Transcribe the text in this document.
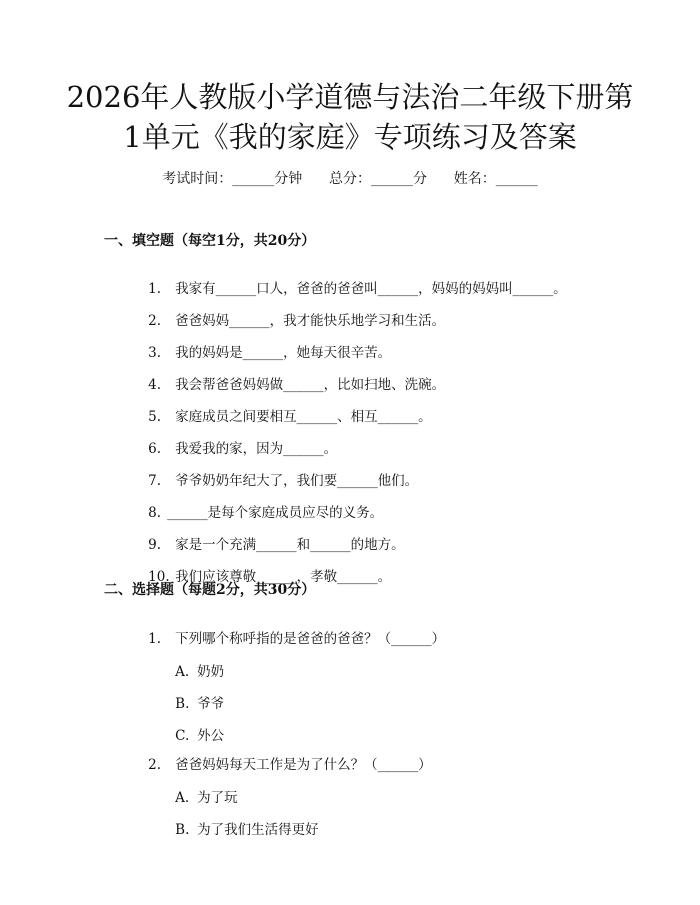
2026年人教版小学道德与法治二年级下册第
1单元《我的家庭》专项练习及答案
考试时间：______分钟      总分：______分      姓名：______
一、填空题（每空1分，共20分）

1. 我家有______口人，爸爸的爸爸叫______，妈妈的妈妈叫______。

2. 爸爸妈妈______，我才能快乐地学习和生活。

3. 我的妈妈是______，她每天很辛苦。

4. 我会帮爸爸妈妈做______，比如扫地、洗碗。

5. 家庭成员之间要相互______、相互______。

6. 我爱我的家，因为______。

7. 爷爷奶奶年纪大了，我们要______他们。

8. ______是每个家庭成员应尽的义务。

9. 家是一个充满______和______的地方。

10. 我们应该尊敬______，孝敬______。

二、选择题（每题2分，共30分）

1. 下列哪个称呼指的是爸爸的爸爸？（______）

A. 奶奶

B. 爷爷

C. 外公

2. 爸爸妈妈每天工作是为了什么？（______）

A. 为了玩

B. 为了我们生活得更好
